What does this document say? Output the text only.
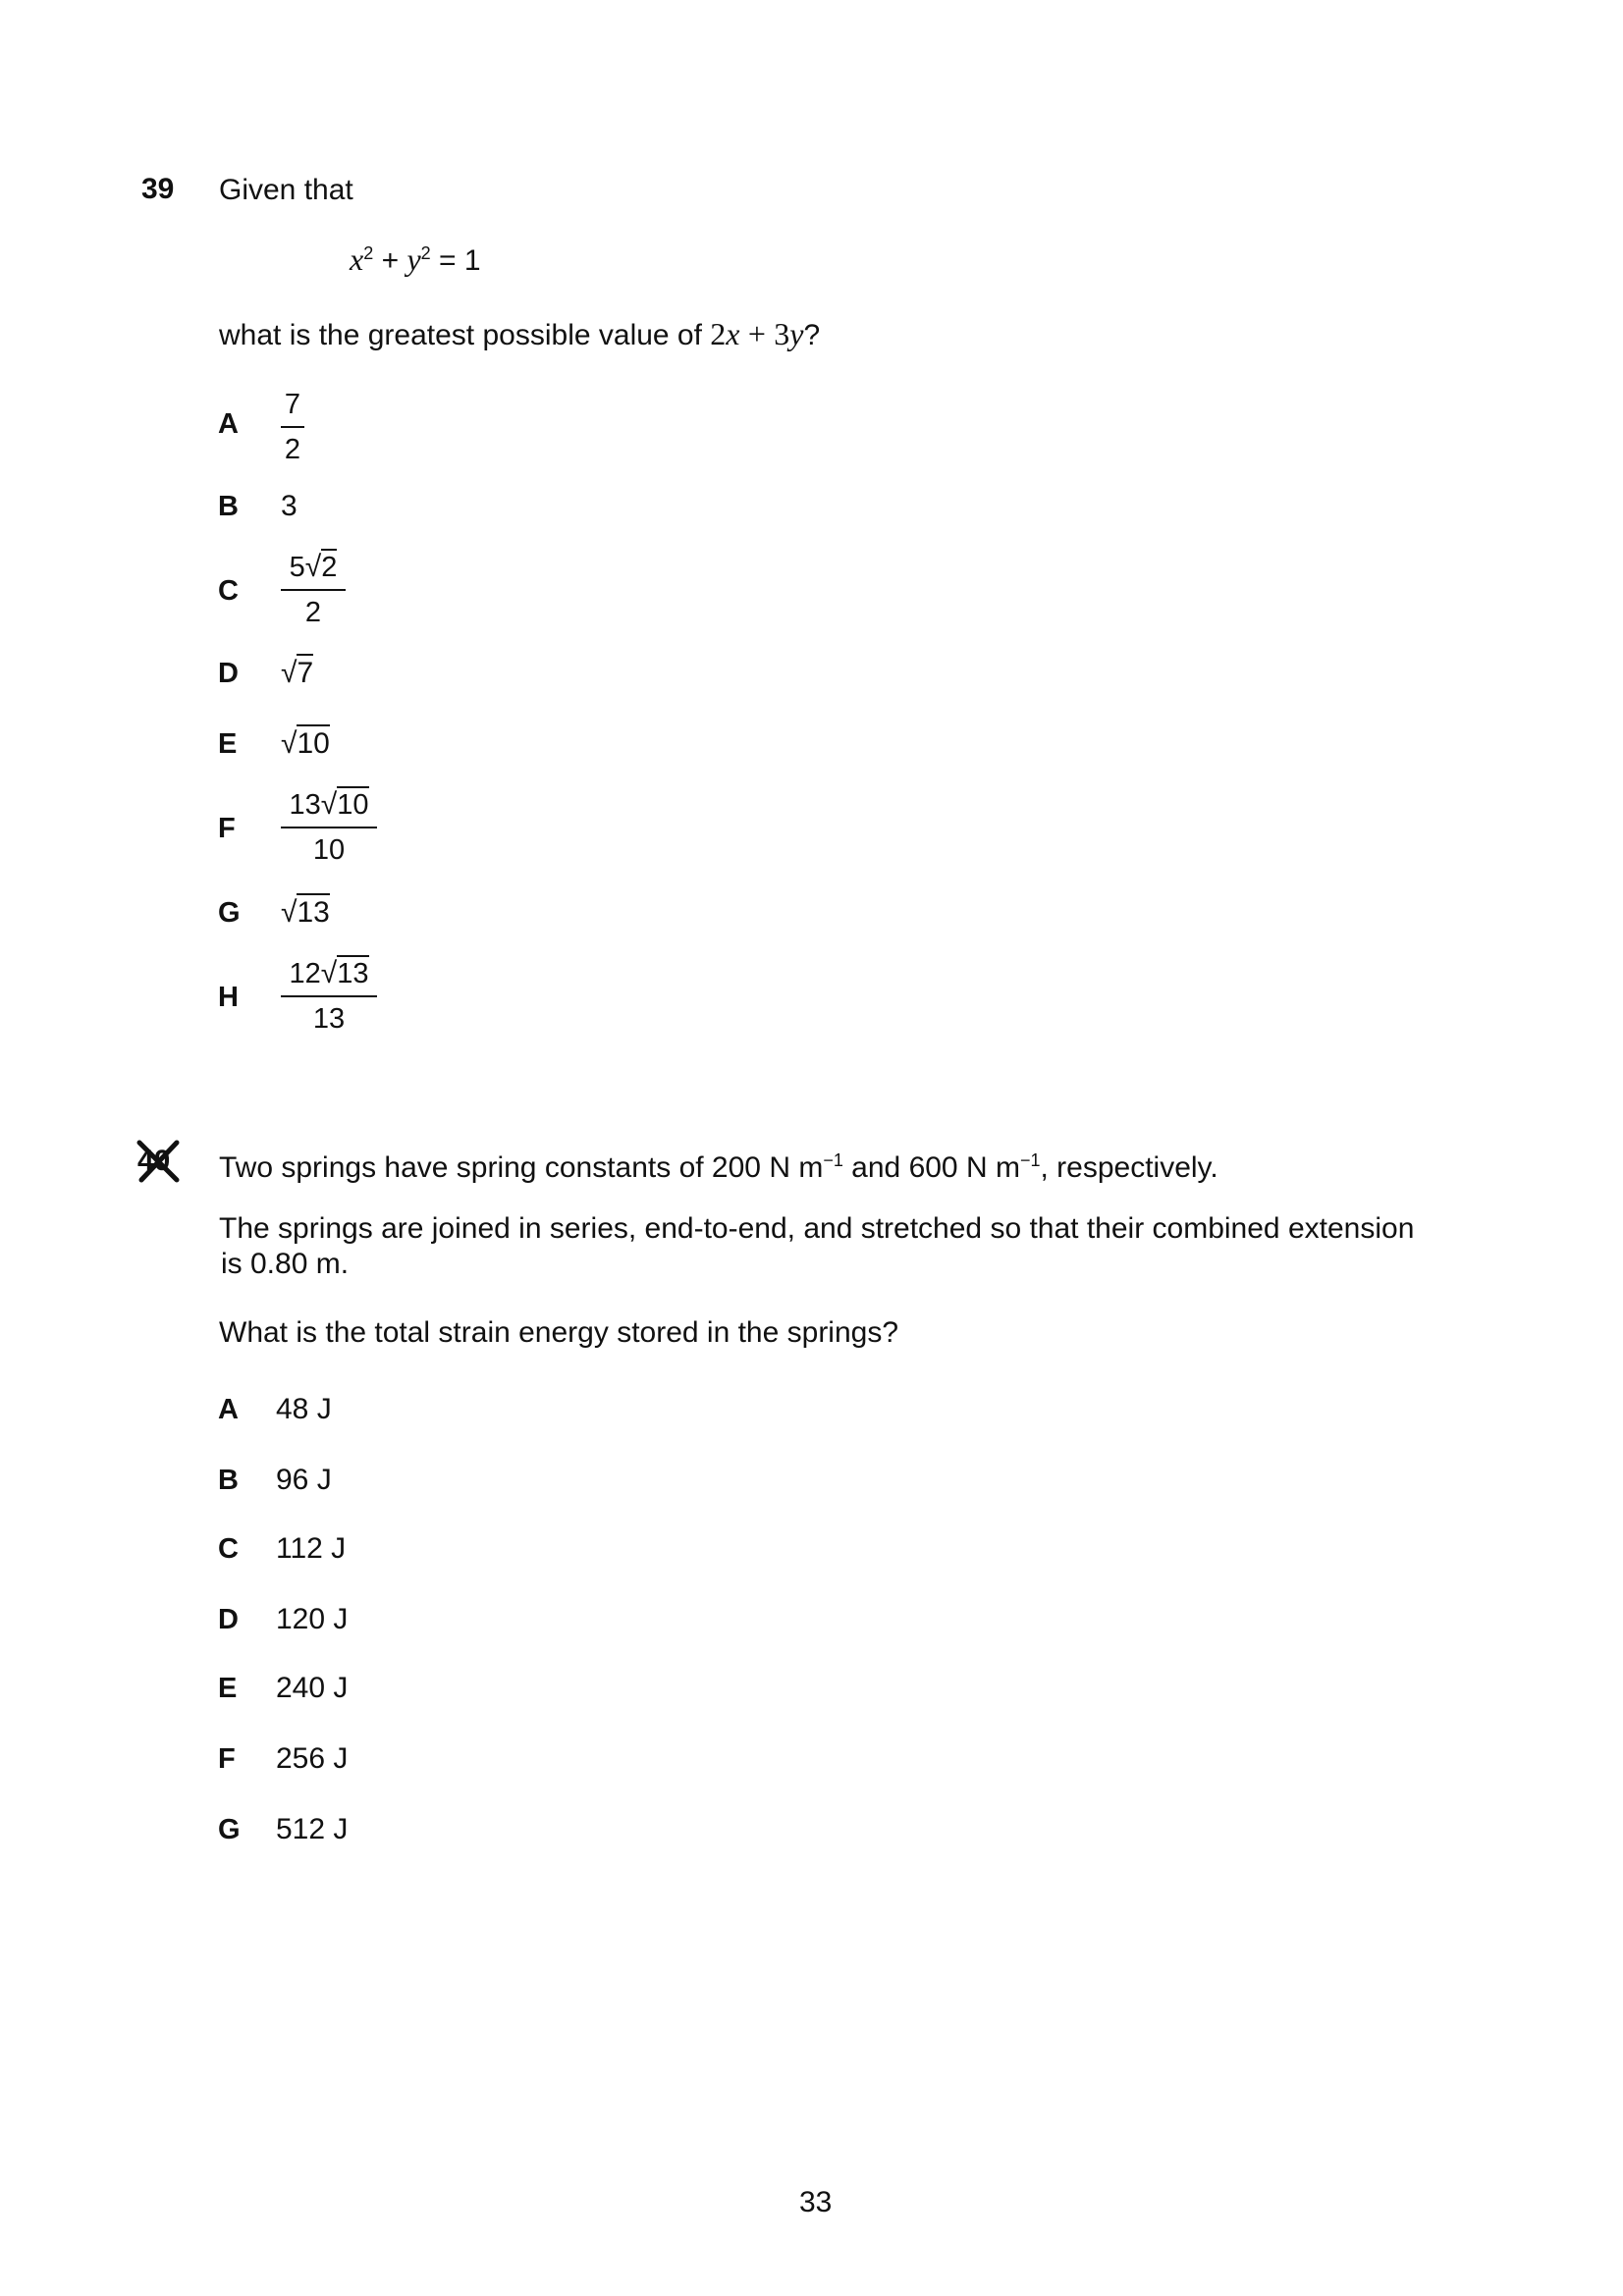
39 Given that
$x^2 + y^2 = 1$
what is the greatest possible value of 2x + 3y?
A
7
2
B 3
C
5√2
2
D √7
E √10
F
13√10
10
G √13
H
12√13
13
40 Two springs have spring constants of 200 N $m^{-1}$ and 600 N $m^{-1}$, respectively.
The springs are joined in series, end-to-end, and stretched so that their combined extension
is 0.80 m.
What is the total strain energy stored in the springs?
A 48 J
B 96 J
C 112 J
D 120 J
E 240 J
F 256 J
G 512 J
33
